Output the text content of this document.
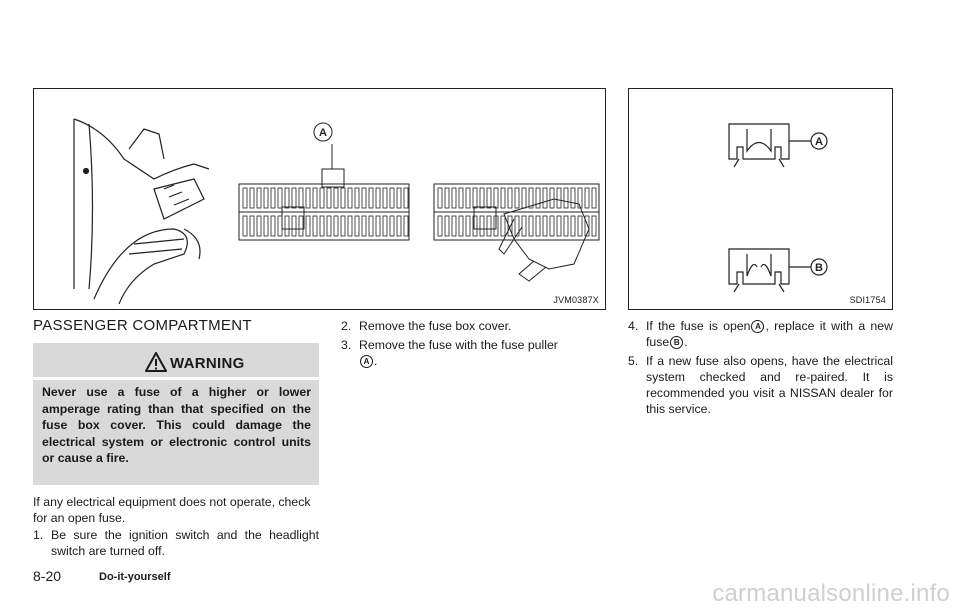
A
JVM0387X
A
B
SDI1754
PASSENGER COMPARTMENT
WARNING
Never use a fuse of a higher or lower amperage rating than that specified on the fuse box cover. This could damage the electrical system or electronic control units or cause a fire.
If any electrical equipment does not operate, check for an open fuse.
1. Be sure the ignition switch and the headlight switch are turned off.
2. Remove the fuse box cover.
3. Remove the fuse with the fuse puller
A .
4. If the fuse is open A , replace it with a new fuse B .
5. If a new fuse also opens, have the electrical system checked and re-paired. It is recommended you visit a NISSAN dealer for this service.
8-20	Do-it-yourself
carmanualsonline.info
